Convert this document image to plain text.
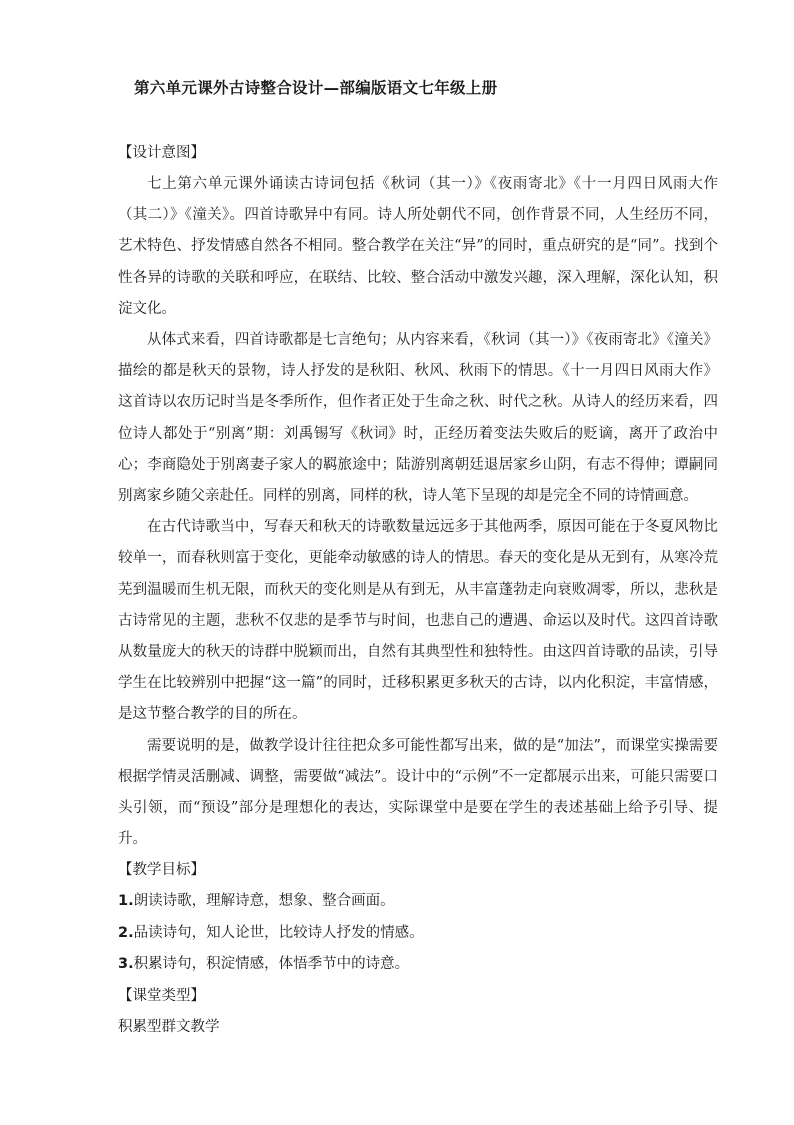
第六单元课外古诗整合设计—部编版语文七年级上册
【设计意图】

七上第六单元课外诵读古诗词包括《秋词（其一）》《夜雨寄北》《十一月四日风雨大作（其二）》《潼关》。四首诗歌异中有同。诗人所处朝代不同，创作背景不同，人生经历不同，艺术特色、抒发情感自然各不相同。整合教学在关注“异”的同时，重点研究的是“同”。找到个性各异的诗歌的关联和呼应，在联结、比较、整合活动中激发兴趣，深入理解，深化认知，积淀文化。

从体式来看，四首诗歌都是七言绝句；从内容来看，《秋词（其一）》《夜雨寄北》《潼关》描绘的都是秋天的景物，诗人抒发的是秋阳、秋风、秋雨下的情思。《十一月四日风雨大作》这首诗以农历记时当是冬季所作，但作者正处于生命之秋、时代之秋。从诗人的经历来看，四位诗人都处于“别离”期：刘禹锡写《秋词》时，正经历着变法失败后的贬谪，离开了政治中心；李商隐处于别离妻子家人的羁旅途中；陆游别离朝廷退居家乡山阴，有志不得伸；谭嗣同别离家乡随父亲赴任。同样的别离，同样的秋，诗人笔下呈现的却是完全不同的诗情画意。

在古代诗歌当中，写春天和秋天的诗歌数量远远多于其他两季，原因可能在于冬夏风物比较单一，而春秋则富于变化，更能牵动敏感的诗人的情思。春天的变化是从无到有，从寒冷荒芜到温暖而生机无限，而秋天的变化则是从有到无，从丰富蓬勃走向衰败凋零，所以，悲秋是古诗常见的主题，悲秋不仅悲的是季节与时间，也悲自己的遭遇、命运以及时代。这四首诗歌从数量庞大的秋天的诗群中脱颖而出，自然有其典型性和独特性。由这四首诗歌的品读，引导学生在比较辨别中把握“这一篇”的同时，迁移积累更多秋天的古诗，以内化积淀，丰富情感，是这节整合教学的目的所在。

需要说明的是，做教学设计往往把众多可能性都写出来，做的是“加法”，而课堂实操需要根据学情灵活删减、调整，需要做“减法”。设计中的“示例”不一定都展示出来，可能只需要口头引领，而“预设”部分是理想化的表达，实际课堂中是要在学生的表述基础上给予引导、提升。

【教学目标】
1.朗读诗歌，理解诗意，想象、整合画面。
2.品读诗句，知人论世，比较诗人抒发的情感。
3.积累诗句，积淀情感，体悟季节中的诗意。
【课堂类型】
积累型群文教学
